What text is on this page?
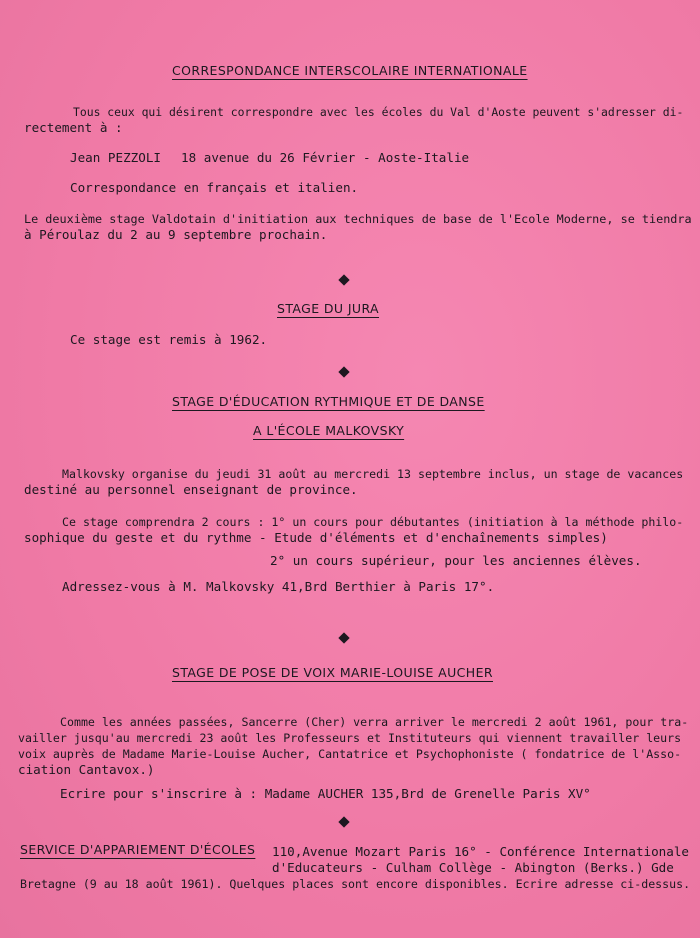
CORRESPONDANCE INTERSCOLAIRE INTERNATIONALE
Tous ceux qui désirent correspondre avec les écoles du Val d'Aoste peuvent s'adresser di-
rectement à :
Jean PEZZOLI 18 avenue du 26 Février - Aoste-Italie
Correspondance en français et italien.
Le deuxième stage Valdotain d'initiation aux techniques de base de l'Ecole Moderne, se tiendra
à Péroulaz du 2 au 9 septembre prochain.
STAGE DU JURA
Ce stage est remis à 1962.
STAGE D'ÉDUCATION RYTHMIQUE ET DE DANSE
A L'ÉCOLE MALKOVSKY
Malkovsky organise du jeudi 31 août au mercredi 13 septembre inclus, un stage de vacances
destiné au personnel enseignant de province.
Ce stage comprendra 2 cours : 1° un cours pour débutantes (initiation à la méthode philo-
sophique du geste et du rythme - Etude d'éléments et d'enchaînements simples)
2° un cours supérieur, pour les anciennes élèves.
Adressez-vous à M. Malkovsky 41,Brd Berthier à Paris 17°.
STAGE DE POSE DE VOIX MARIE-LOUISE AUCHER
Comme les années passées, Sancerre (Cher) verra arriver le mercredi 2 août 1961, pour tra-
vailler jusqu'au mercredi 23 août les Professeurs et Instituteurs qui viennent travailler leurs
voix auprès de Madame Marie-Louise Aucher, Cantatrice et Psychophoniste ( fondatrice de l'Asso-
ciation Cantavox.)
Ecrire pour s'inscrire à : Madame AUCHER 135,Brd de Grenelle Paris XV°
SERVICE D'APPARIEMENT D'ÉCOLES 110,Avenue Mozart Paris 16° - Conférence Internationale
d'Educateurs - Culham Collège - Abington (Berks.) Gde
Bretagne (9 au 18 août 1961). Quelques places sont encore disponibles. Ecrire adresse ci-dessus.
